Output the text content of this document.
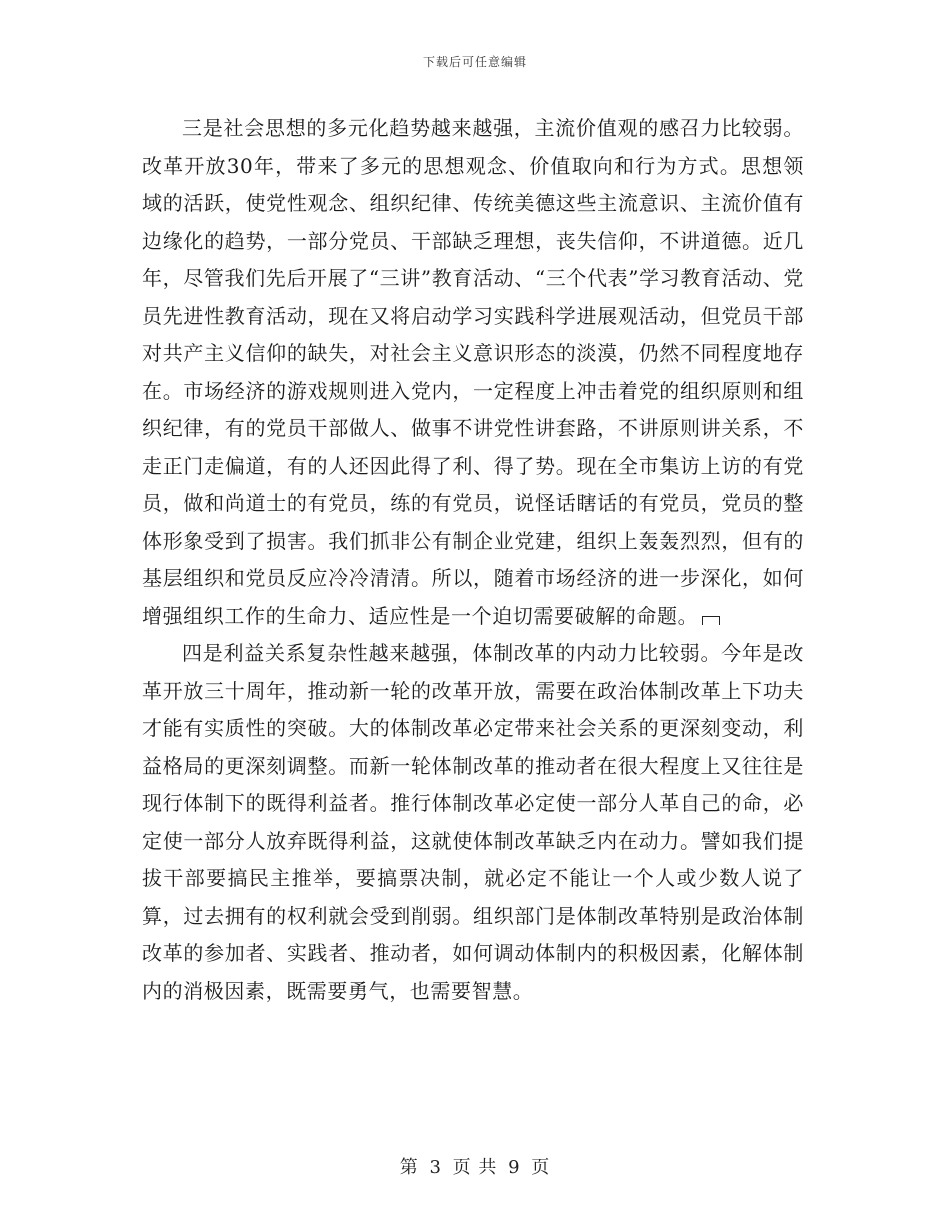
下载后可任意编辑

三是社会思想的多元化趋势越来越强，主流价值观的感召力比较弱。改革开放30年，带来了多元的思想观念、价值取向和行为方式。思想领域的活跃，使党性观念、组织纪律、传统美德这些主流意识、主流价值有边缘化的趋势，一部分党员、干部缺乏理想，丧失信仰，不讲道德。近几年，尽管我们先后开展了“三讲”教育活动、“三个代表”学习教育活动、党员先进性教育活动，现在又将启动学习实践科学进展观活动，但党员干部对共产主义信仰的缺失，对社会主义意识形态的淡漠，仍然不同程度地存在。市场经济的游戏规则进入党内，一定程度上冲击着党的组织原则和组织纪律，有的党员干部做人、做事不讲党性讲套路，不讲原则讲关系，不走正门走偏道，有的人还因此得了利、得了势。现在全市集访上访的有党员，做和尚道士的有党员，练的有党员，说怪话瞎话的有党员，党员的整体形象受到了损害。我们抓非公有制企业党建，组织上轰轰烈烈，但有的基层组织和党员反应冷冷清清。所以，随着市场经济的进一步深化，如何增强组织工作的生命力、适应性是一个迫切需要破解的命题。

四是利益关系复杂性越来越强，体制改革的内动力比较弱。今年是改革开放三十周年，推动新一轮的改革开放，需要在政治体制改革上下功夫才能有实质性的突破。大的体制改革必定带来社会关系的更深刻变动，利益格局的更深刻调整。而新一轮体制改革的推动者在很大程度上又往往是现行体制下的既得利益者。推行体制改革必定使一部分人革自己的命，必定使一部分人放弃既得利益，这就使体制改革缺乏内在动力。譬如我们提拔干部要搞民主推举，要搞票决制，就必定不能让一个人或少数人说了算，过去拥有的权利就会受到削弱。组织部门是体制改革特别是政治体制改革的参加者、实践者、推动者，如何调动体制内的积极因素，化解体制内的消极因素，既需要勇气，也需要智慧。

第 3 页 共 9 页
